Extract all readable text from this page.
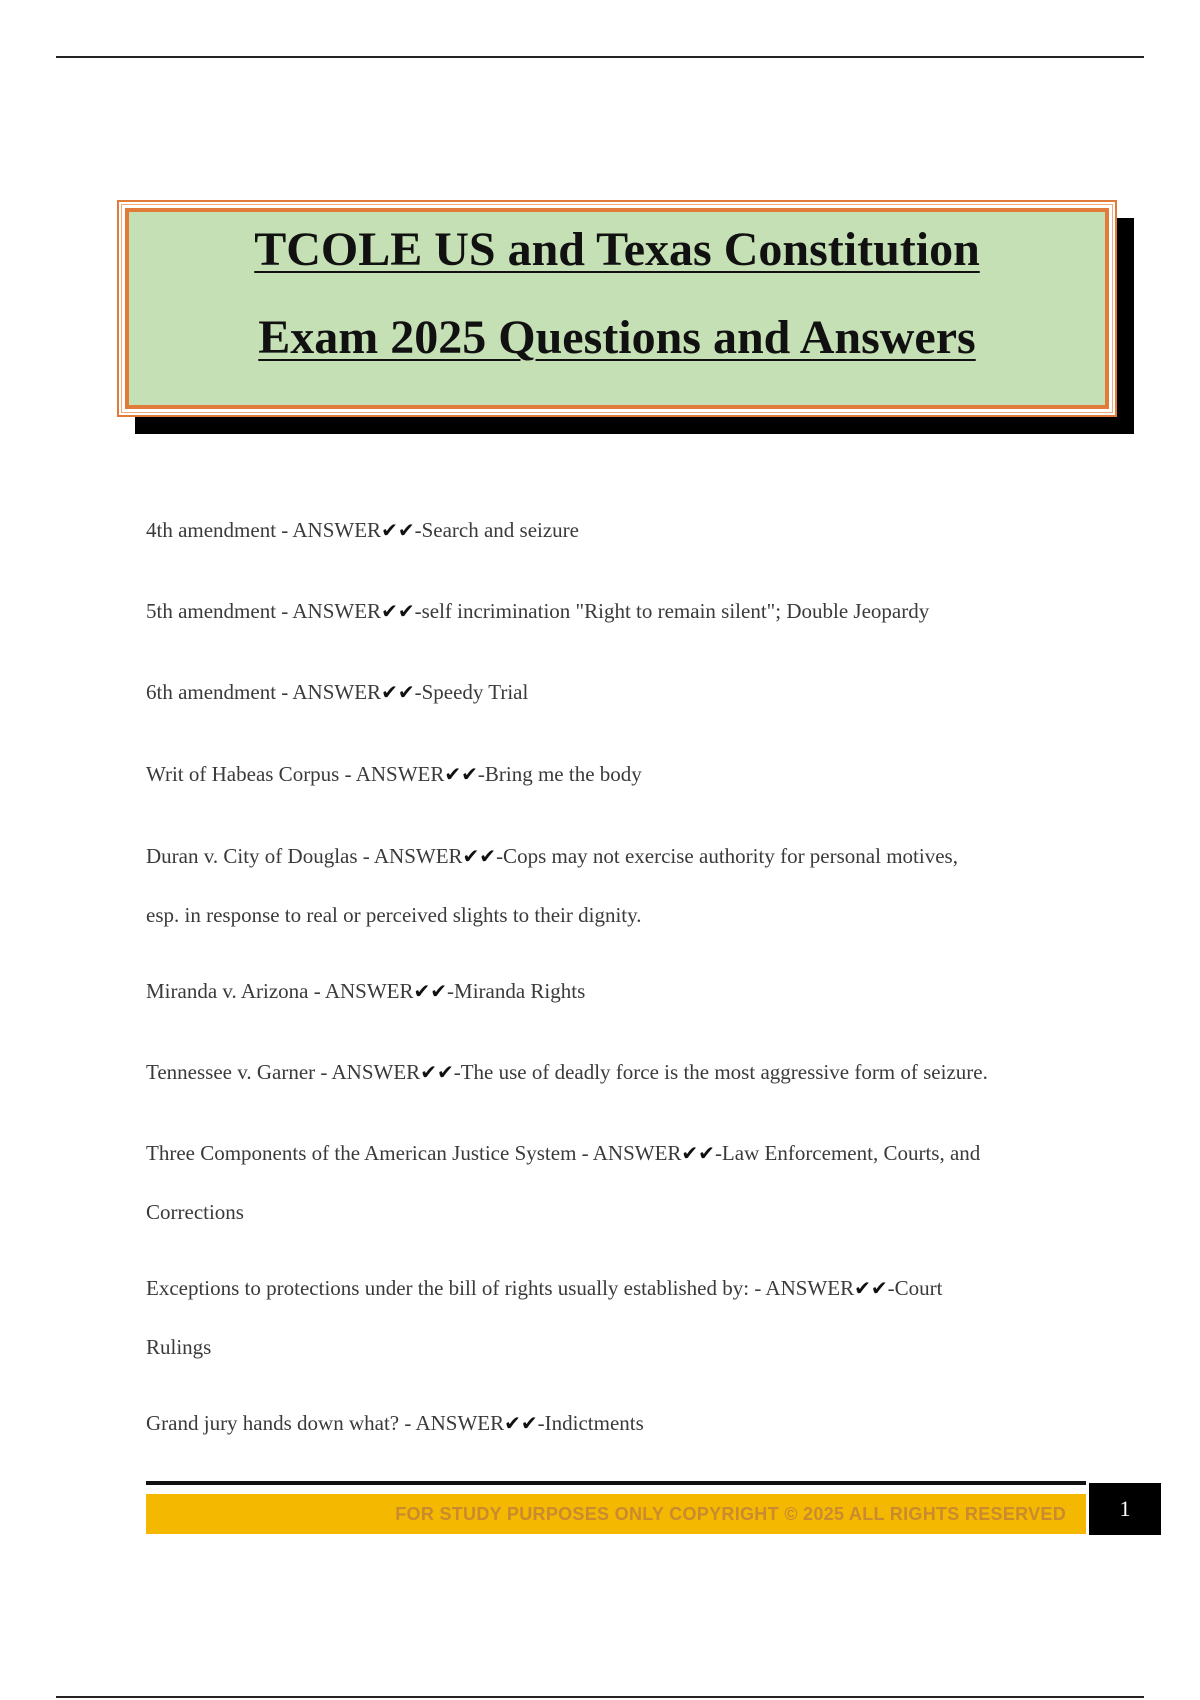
TCOLE US and Texas Constitution
Exam 2025 Questions and Answers
4th amendment - ANSWER✔✔-Search and seizure
5th amendment - ANSWER✔✔-self incrimination "Right to remain silent"; Double Jeopardy
6th amendment - ANSWER✔✔-Speedy Trial
Writ of Habeas Corpus - ANSWER✔✔-Bring me the body
Duran v. City of Douglas - ANSWER✔✔-Cops may not exercise authority for personal motives,
esp. in response to real or perceived slights to their dignity.
Miranda v. Arizona - ANSWER✔✔-Miranda Rights
Tennessee v. Garner - ANSWER✔✔-The use of deadly force is the most aggressive form of seizure.
Three Components of the American Justice System - ANSWER✔✔-Law Enforcement, Courts, and
Corrections
Exceptions to protections under the bill of rights usually established by: - ANSWER✔✔-Court
Rulings
Grand jury hands down what? - ANSWER✔✔-Indictments
FOR STUDY PURPOSES ONLY COPYRIGHT © 2025 ALL RIGHTS RESERVED	1
